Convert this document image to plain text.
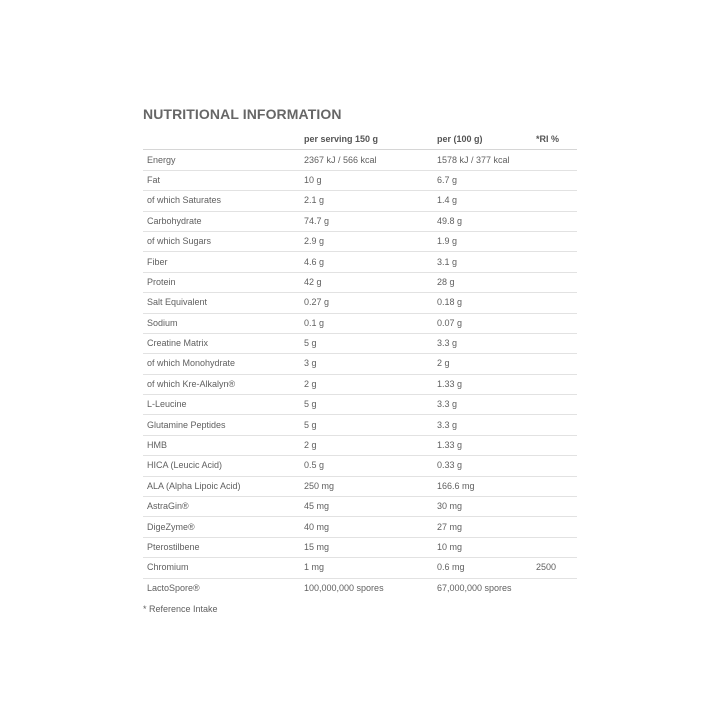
NUTRITIONAL INFORMATION
	per serving 150 g	per (100 g)	*RI %
Energy	2367 kJ / 566 kcal	1578 kJ / 377 kcal	
Fat	10 g	6.7 g	
of which Saturates	2.1 g	1.4 g	
Carbohydrate	74.7 g	49.8 g	
of which Sugars	2.9 g	1.9 g	
Fiber	4.6 g	3.1 g	
Protein	42 g	28 g	
Salt Equivalent	0.27 g	0.18 g	
Sodium	0.1 g	0.07 g	
Creatine Matrix	5 g	3.3 g	
of which Monohydrate	3 g	2 g	
of which Kre-Alkalyn®	2 g	1.33 g	
L-Leucine	5 g	3.3 g	
Glutamine Peptides	5 g	3.3 g	
HMB	2 g	1.33 g	
HICA (Leucic Acid)	0.5 g	0.33 g	
ALA (Alpha Lipoic Acid)	250 mg	166.6 mg	
AstraGin®	45 mg	30 mg	
DigeZyme®	40 mg	27 mg	
Pterostilbene	15 mg	10 mg	
Chromium	1 mg	0.6 mg	2500
LactoSpore®	100,000,000 spores	67,000,000 spores	
* Reference Intake
